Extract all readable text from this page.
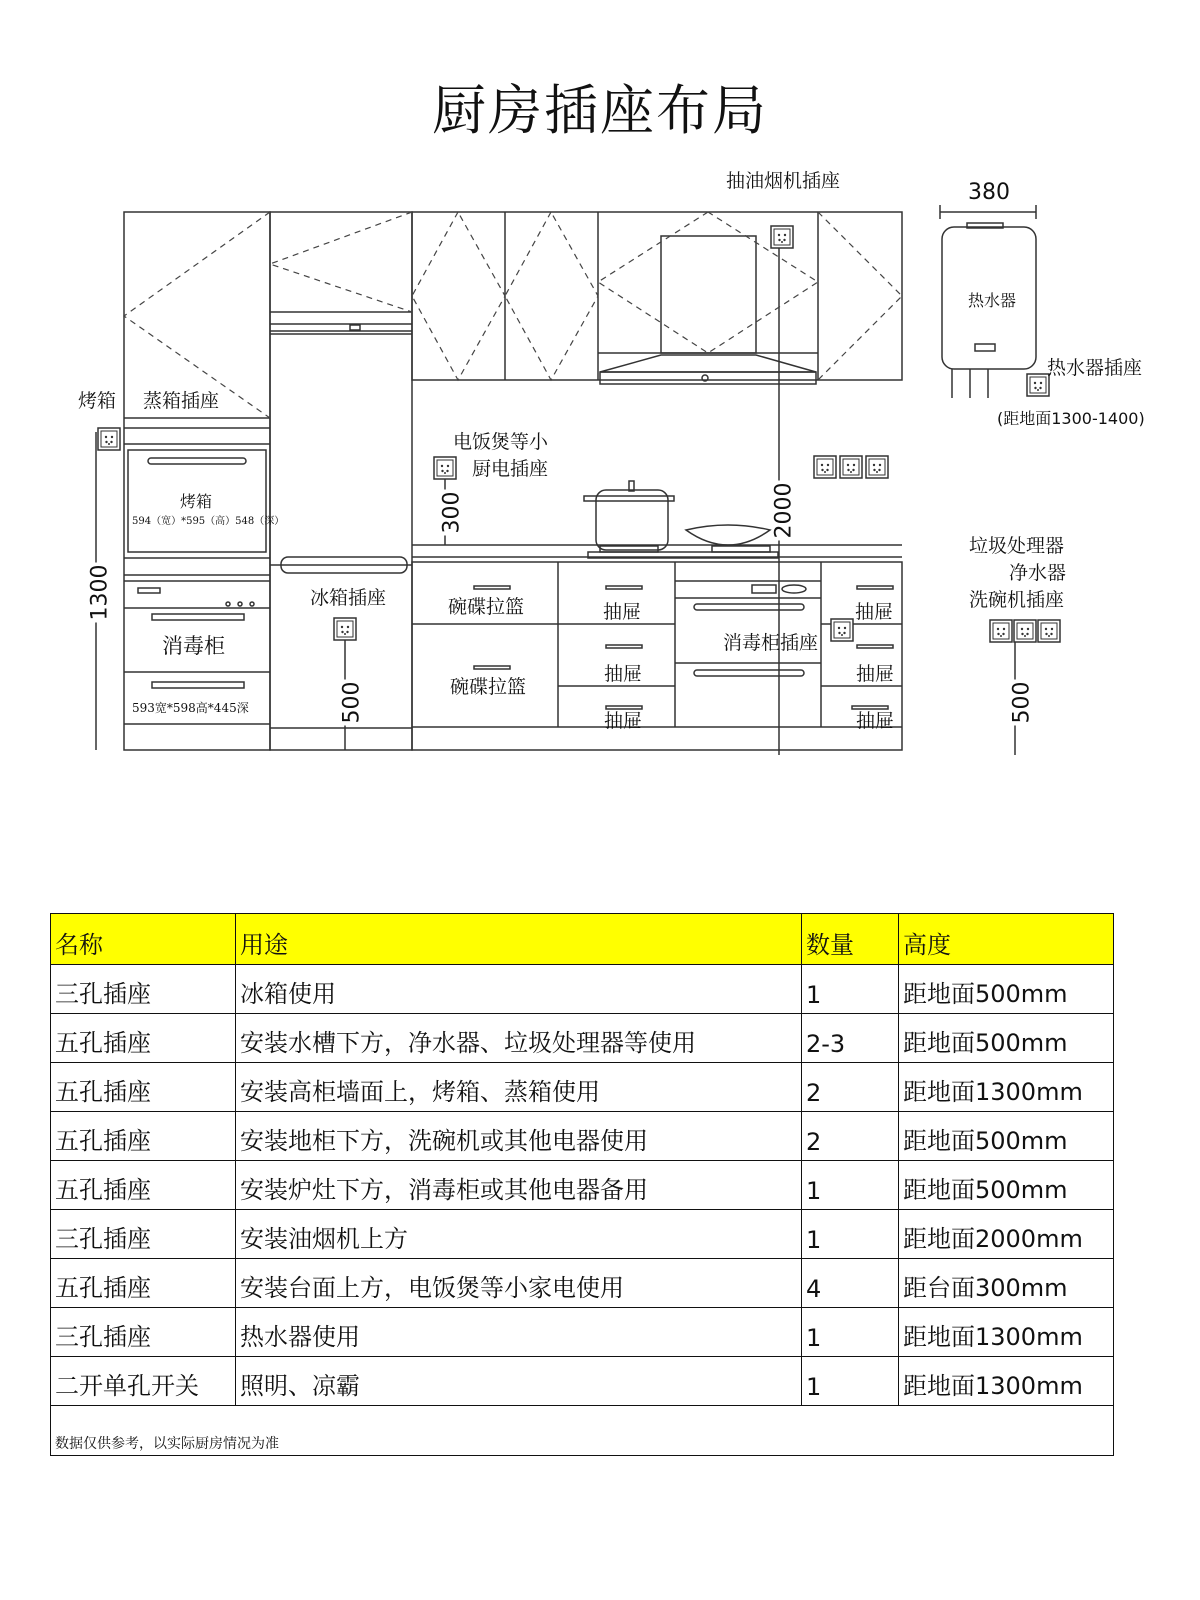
厨房插座布局
烤箱 蒸箱插座
烤箱
594（宽）*595（高）548（深）
消毒柜
593宽*598高*445深
冰箱插座
抽油烟机插座
电饭煲等小
厨电插座
碗碟拉篮
碗碟拉篮
抽屉
抽屉
抽屉
抽屉
抽屉
抽屉
消毒柜插座
热水器
热水器插座
(距地面1300-1400)
垃圾处理器
净水器
洗碗机插座
1300
500
300	2000
380
500
名称	用途	数量	高度
三孔插座	冰箱使用	1	距地面500mm
五孔插座	安装水槽下方，净水器、垃圾处理器等使用	2-3	距地面500mm
五孔插座	安装高柜墙面上，烤箱、蒸箱使用	2	距地面1300mm
五孔插座	安装地柜下方，洗碗机或其他电器使用	2	距地面500mm
五孔插座	安装炉灶下方，消毒柜或其他电器备用	1	距地面500mm
三孔插座	安装油烟机上方	1	距地面2000mm
五孔插座	安装台面上方，电饭煲等小家电使用	4	距台面300mm
三孔插座	热水器使用	1	距地面1300mm
二开单孔开关	照明、凉霸	1	距地面1300mm
数据仅供参考，以实际厨房情况为准			
